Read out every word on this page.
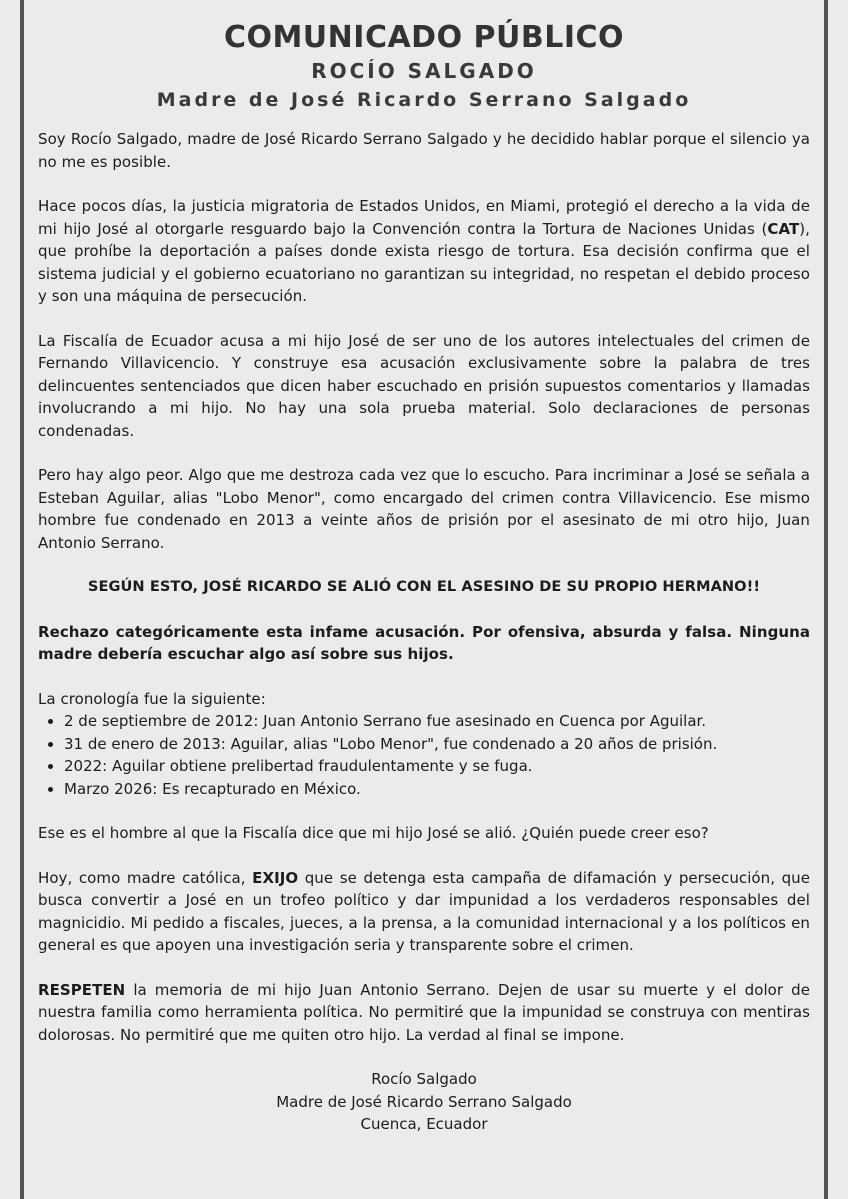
COMUNICADO PÚBLICO
ROCÍO SALGADO
Madre de José Ricardo Serrano Salgado

Soy Rocío Salgado, madre de José Ricardo Serrano Salgado y he decidido hablar porque el silencio ya no me es posible.

Hace pocos días, la justicia migratoria de Estados Unidos, en Miami, protegió el derecho a la vida de mi hijo José al otorgarle resguardo bajo la Convención contra la Tortura de Naciones Unidas (CAT), que prohíbe la deportación a países donde exista riesgo de tortura. Esa decisión confirma que el sistema judicial y el gobierno ecuatoriano no garantizan su integridad, no respetan el debido proceso y son una máquina de persecución.

La Fiscalía de Ecuador acusa a mi hijo José de ser uno de los autores intelectuales del crimen de Fernando Villavicencio. Y construye esa acusación exclusivamente sobre la palabra de tres delincuentes sentenciados que dicen haber escuchado en prisión supuestos comentarios y llamadas involucrando a mi hijo. No hay una sola prueba material. Solo declaraciones de personas condenadas.

Pero hay algo peor. Algo que me destroza cada vez que lo escucho. Para incriminar a José se señala a Esteban Aguilar, alias "Lobo Menor", como encargado del crimen contra Villavicencio. Ese mismo hombre fue condenado en 2013 a veinte años de prisión por el asesinato de mi otro hijo, Juan Antonio Serrano.

SEGÚN ESTO, JOSÉ RICARDO SE ALIÓ CON EL ASESINO DE SU PROPIO HERMANO!!

Rechazo categóricamente esta infame acusación. Por ofensiva, absurda y falsa. Ninguna madre debería escuchar algo así sobre sus hijos.

La cronología fue la siguiente:

• 2 de septiembre de 2012: Juan Antonio Serrano fue asesinado en Cuenca por Aguilar.
• 31 de enero de 2013: Aguilar, alias "Lobo Menor", fue condenado a 20 años de prisión.
• 2022: Aguilar obtiene prelibertad fraudulentamente y se fuga.
• Marzo 2026: Es recapturado en México.

Ese es el hombre al que la Fiscalía dice que mi hijo José se alió. ¿Quién puede creer eso?

Hoy, como madre católica, EXIJO que se detenga esta campaña de difamación y persecución, que busca convertir a José en un trofeo político y dar impunidad a los verdaderos responsables del magnicidio. Mi pedido a fiscales, jueces, a la prensa, a la comunidad internacional y a los políticos en general es que apoyen una investigación seria y transparente sobre el crimen.

RESPETEN la memoria de mi hijo Juan Antonio Serrano. Dejen de usar su muerte y el dolor de nuestra familia como herramienta política. No permitiré que la impunidad se construya con mentiras dolorosas. No permitiré que me quiten otro hijo. La verdad al final se impone.

Rocío Salgado
Madre de José Ricardo Serrano Salgado
Cuenca, Ecuador
